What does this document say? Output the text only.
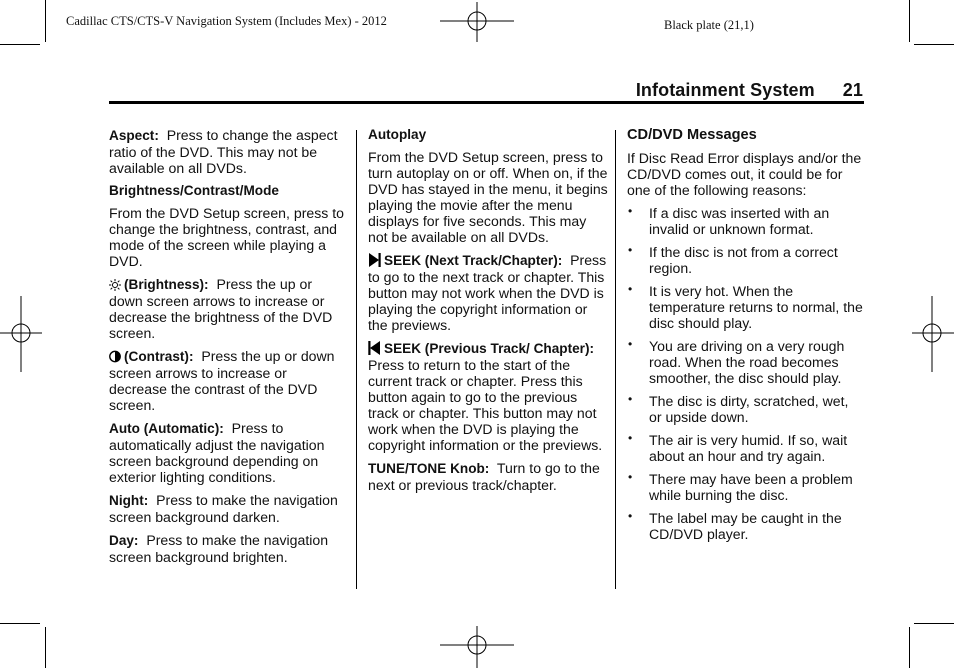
Cadillac CTS/CTS-V Navigation System (Includes Mex) - 2012	Black plate (21,1)
Infotainment System 21

Aspect: Press to change the aspect ratio of the DVD. This may not be available on all DVDs.

Brightness/Contrast/Mode

From the DVD Setup screen, press to change the brightness, contrast, and mode of the screen while playing a DVD.

(Brightness): Press the up or down screen arrows to increase or decrease the brightness of the DVD screen.

(Contrast): Press the up or down screen arrows to increase or decrease the contrast of the DVD screen.

Auto (Automatic): Press to automatically adjust the navigation screen background depending on exterior lighting conditions.

Night: Press to make the navigation screen background darken.

Day: Press to make the navigation screen background brighten.

Autoplay

From the DVD Setup screen, press to turn autoplay on or off. When on, if the DVD has stayed in the menu, it begins playing the movie after the menu displays for five seconds. This may not be available on all DVDs.

SEEK (Next Track/Chapter): Press to go to the next track or chapter. This button may not work when the DVD is playing the copyright information or the previews.

SEEK (Previous Track/ Chapter):  Press to return to the start of the current track or chapter. Press this button again to go to the previous track or chapter. This button may not work when the DVD is playing the copyright information or the previews.

TUNE/TONE Knob: Turn to go to the next or previous track/chapter.

CD/DVD Messages

If Disc Read Error displays and/or the CD/DVD comes out, it could be for one of the following reasons:

• If a disc was inserted with an invalid or unknown format.
• If the disc is not from a correct region.
• It is very hot. When the temperature returns to normal, the disc should play.
• You are driving on a very rough road. When the road becomes smoother, the disc should play.
• The disc is dirty, scratched, wet, or upside down.
• The air is very humid. If so, wait about an hour and try again.
• There may have been a problem while burning the disc.
• The label may be caught in the CD/DVD player.
